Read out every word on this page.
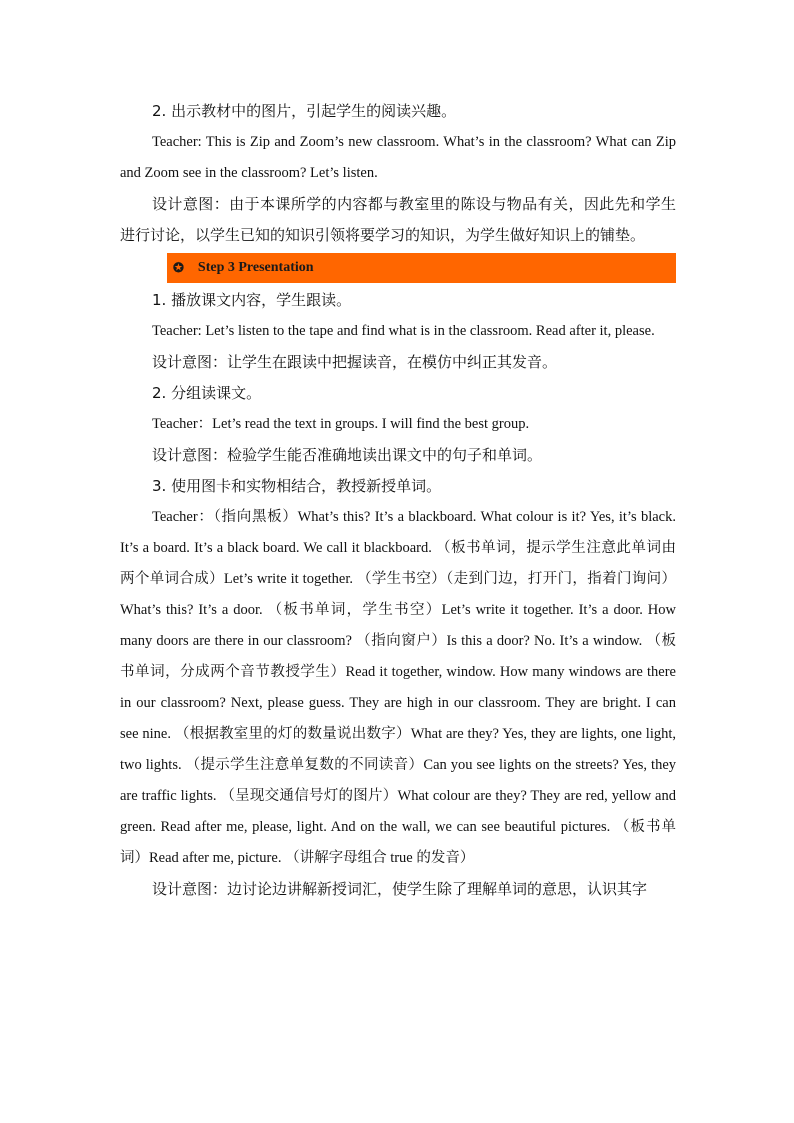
2. 出示教材中的图片，引起学生的阅读兴趣。

Teacher: This is Zip and Zoom’s new classroom. What’s in the classroom? What can Zip and Zoom see in the classroom? Let’s listen.

设计意图：由于本课所学的内容都与教室里的陈设与物品有关，因此先和学生进行讨论，以学生已知的知识引领将要学习的知识，为学生做好知识上的铺垫。

✪ Step 3 Presentation

1. 播放课文内容，学生跟读。

Teacher: Let’s listen to the tape and find what is in the classroom. Read after it, please.

设计意图：让学生在跟读中把握读音，在模仿中纠正其发音。

2. 分组读课文。

Teacher：Let’s read the text in groups. I will find the best group.

设计意图：检验学生能否准确地读出课文中的句子和单词。

3. 使用图卡和实物相结合，教授新授单词。

Teacher：（指向黑板）What’s this? It’s a blackboard. What colour is it? Yes, it’s black. It’s a board. It’s a black board. We call it blackboard. （板书单词，提示学生注意此单词由两个单词合成）Let’s write it together. （学生书空）（走到门边，打开门，指着门询问）What’s this? It’s a door. （板书单词，学生书空）Let’s write it together. It’s a door. How many doors are there in our classroom? （指向窗户）Is this a door? No. It’s a window. （板书单词，分成两个音节教授学生）Read it together, window. How many windows are there in our classroom? Next, please guess. They are high in our classroom. They are bright. I can see nine. （根据教室里的灯的数量说出数字）What are they? Yes, they are lights, one light, two lights. （提示学生注意单复数的不同读音）Can you see lights on the streets? Yes, they are traffic lights. （呈现交通信号灯的图片）What colour are they? They are red, yellow and green. Read after me, please, light. And on the wall, we can see beautiful pictures. （板书单词）Read after me, picture. （讲解字母组合 true 的发音）

设计意图：边讨论边讲解新授词汇，使学生除了理解单词的意思，认识其字
